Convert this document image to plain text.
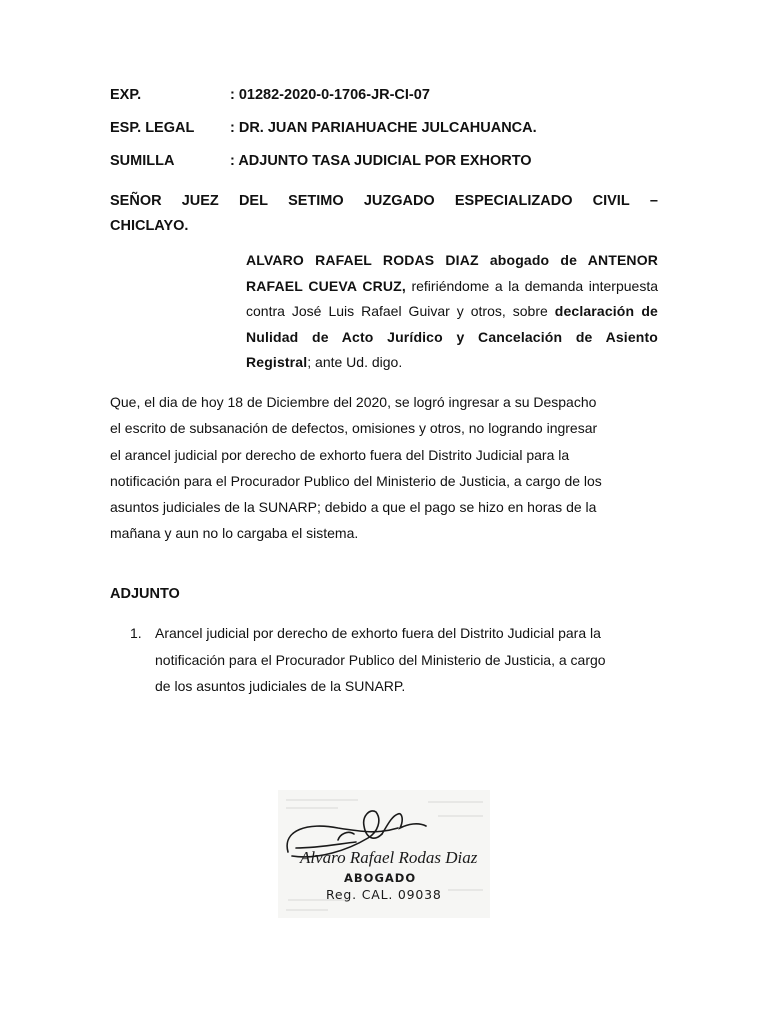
EXP.	: 01282-2020-0-1706-JR-CI-07
ESP. LEGAL : DR. JUAN PARIAHUACHE JULCAHUANCA.
SUMILLA	: ADJUNTO TASA JUDICIAL POR EXHORTO
SEÑOR JUEZ DEL SETIMO JUZGADO ESPECIALIZADO CIVIL –
CHICLAYO.
ALVARO RAFAEL RODAS DIAZ abogado de ANTENOR RAFAEL CUEVA CRUZ, refiriéndome a la demanda interpuesta contra José Luis Rafael Guivar y otros, sobre declaración de Nulidad de Acto Jurídico y Cancelación de Asiento Registral; ante Ud. digo.
Que, el dia de hoy 18 de Diciembre del 2020, se logró ingresar a su Despacho
el escrito de subsanación de defectos, omisiones y otros, no logrando ingresar
el arancel judicial por derecho de exhorto fuera del Distrito Judicial para la
notificación para el Procurador Publico del Ministerio de Justicia, a cargo de los
asuntos judiciales de la SUNARP; debido a que el pago se hizo en horas de la
mañana y aun no lo cargaba el sistema.
ADJUNTO
1. Arancel judicial por derecho de exhorto fuera del Distrito Judicial para la
notificación para el Procurador Publico del Ministerio de Justicia, a cargo
de los asuntos judiciales de la SUNARP.
Alvaro Rafael Rodas Diaz
ABOGADO
Reg. CAL. 09038
